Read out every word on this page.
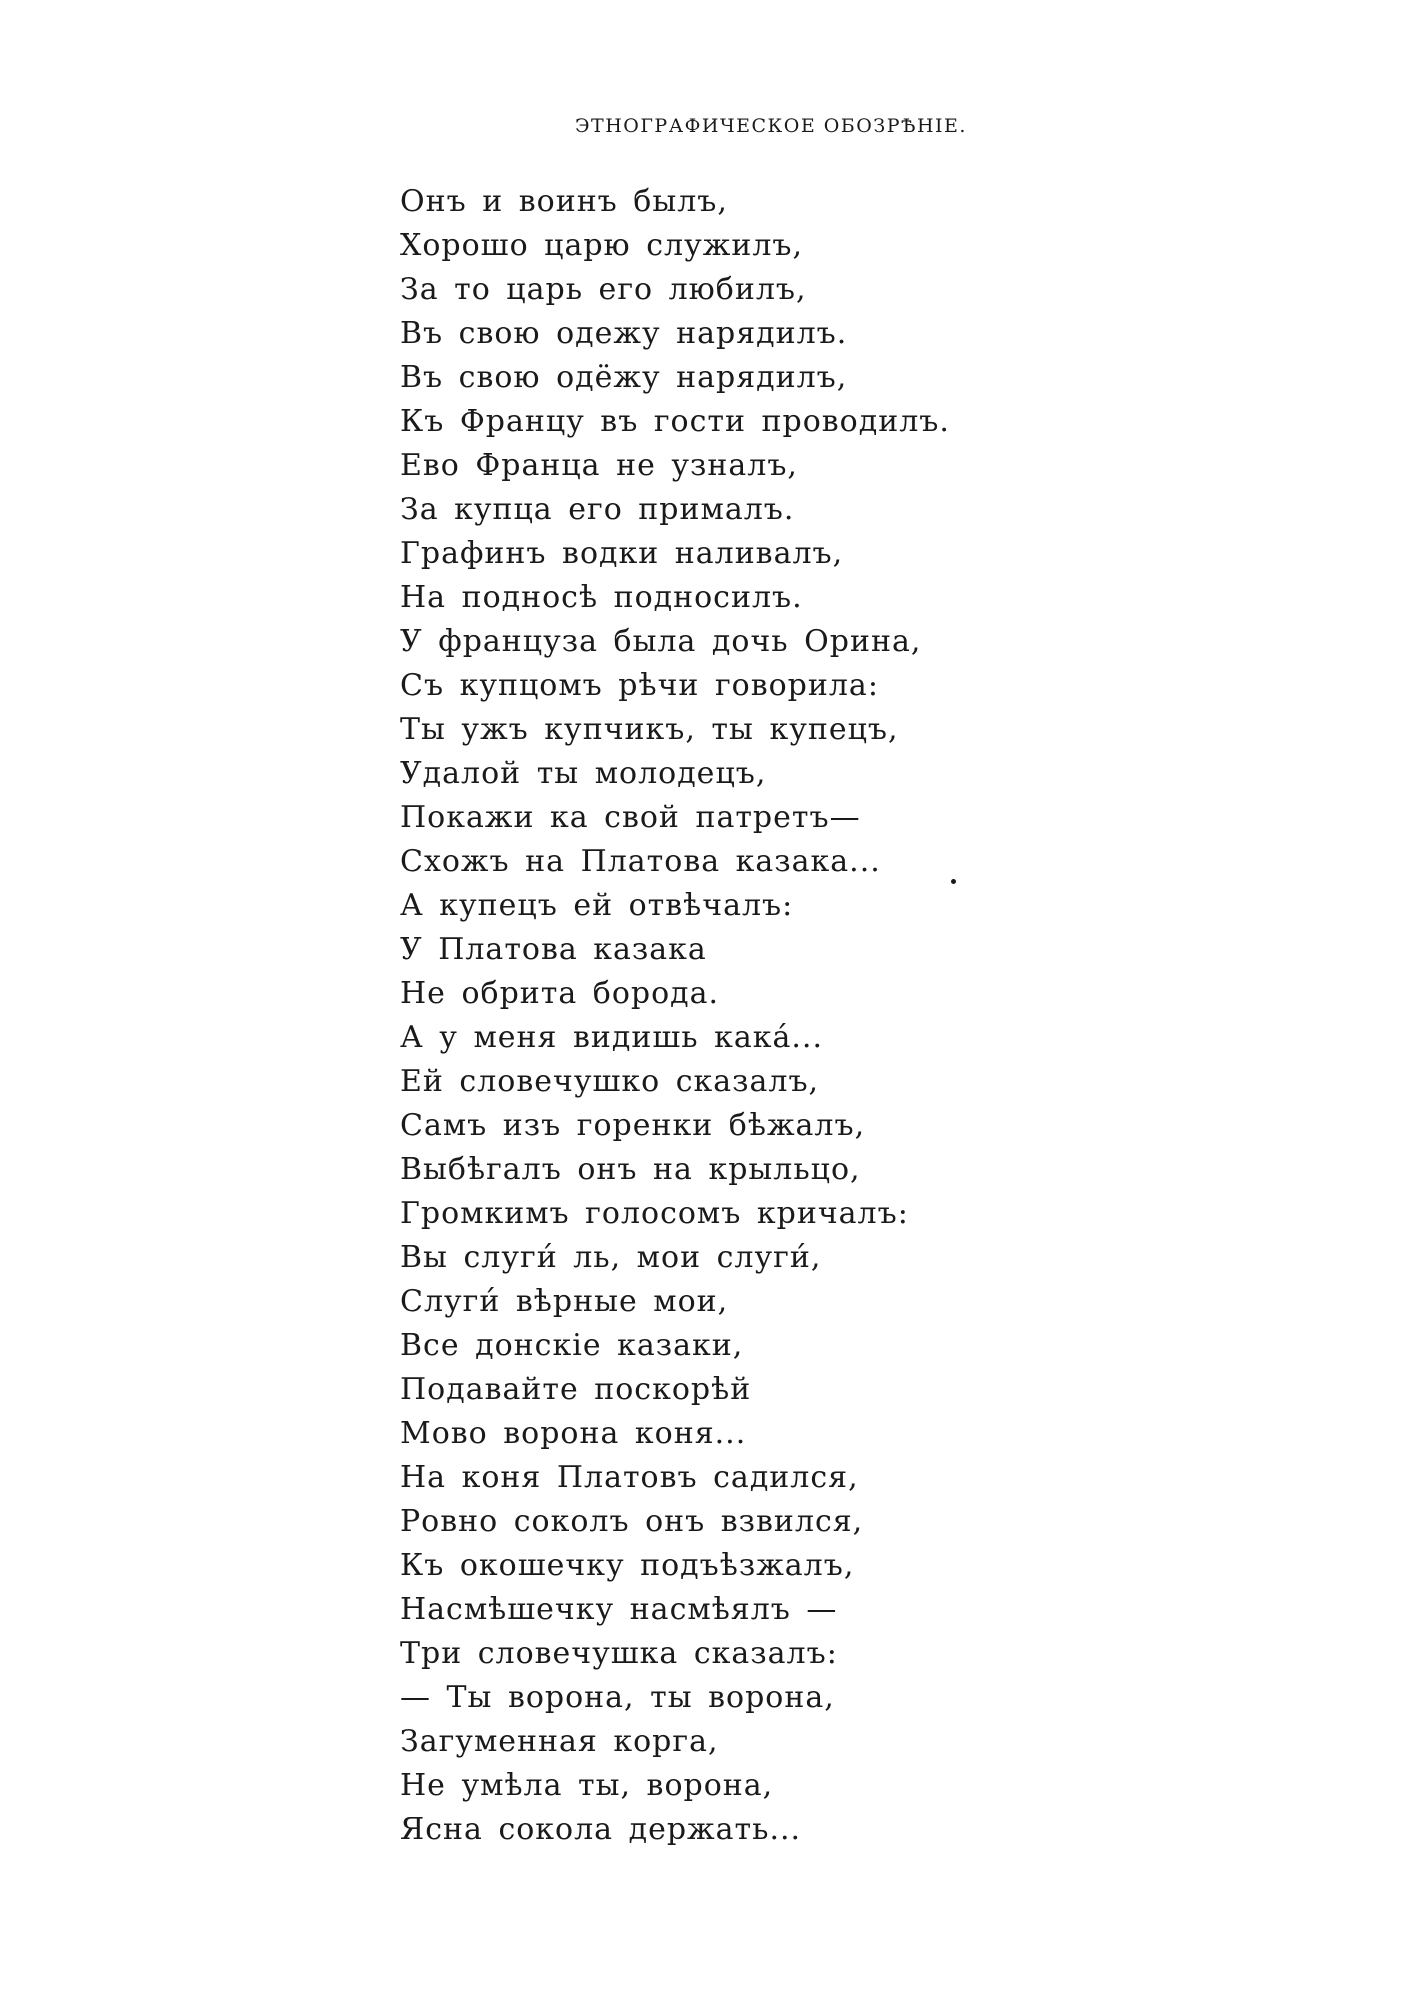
ЭТНОГРАФИЧЕСКОЕ ОБОЗРѢНІЕ.
Онъ и воинъ былъ,
Хорошо царю служилъ,
За то царь его любилъ,
Въ свою одежу нарядилъ.
Въ свою одёжу нарядилъ,
Къ Францу въ гости проводилъ.
Ево Франца не узналъ,
За купца его прималъ.
Графинъ водки наливалъ,
На подносѣ подносилъ.
У француза была дочь Орина,
Съ купцомъ рѣчи говорила:
Ты ужъ купчикъ, ты купецъ,
Удалой ты молодецъ,
Покажи ка свой патретъ—
Схожъ на Платова казака...
А купецъ ей отвѣчалъ:
У Платова казака
Не обрита борода.
А у меня видишь кака́...
Ей словечушко сказалъ,
Самъ изъ горенки бѣжалъ,
Выбѣгалъ онъ на крыльцо,
Громкимъ голосомъ кричалъ:
Вы слуги́ ль, мои слуги́,
Слуги́ вѣрные мои,
Все донскіе казаки,
Подавайте поскорѣй
Мово ворона коня...
На коня Платовъ садился,
Ровно соколъ онъ взвился,
Къ окошечку подъѣзжалъ,
Насмѣшечку насмѣялъ —
Три словечушка сказалъ:
— Ты ворона, ты ворона,
Загуменная корга,
Не умѣла ты, ворона,
Ясна сокола держать...
